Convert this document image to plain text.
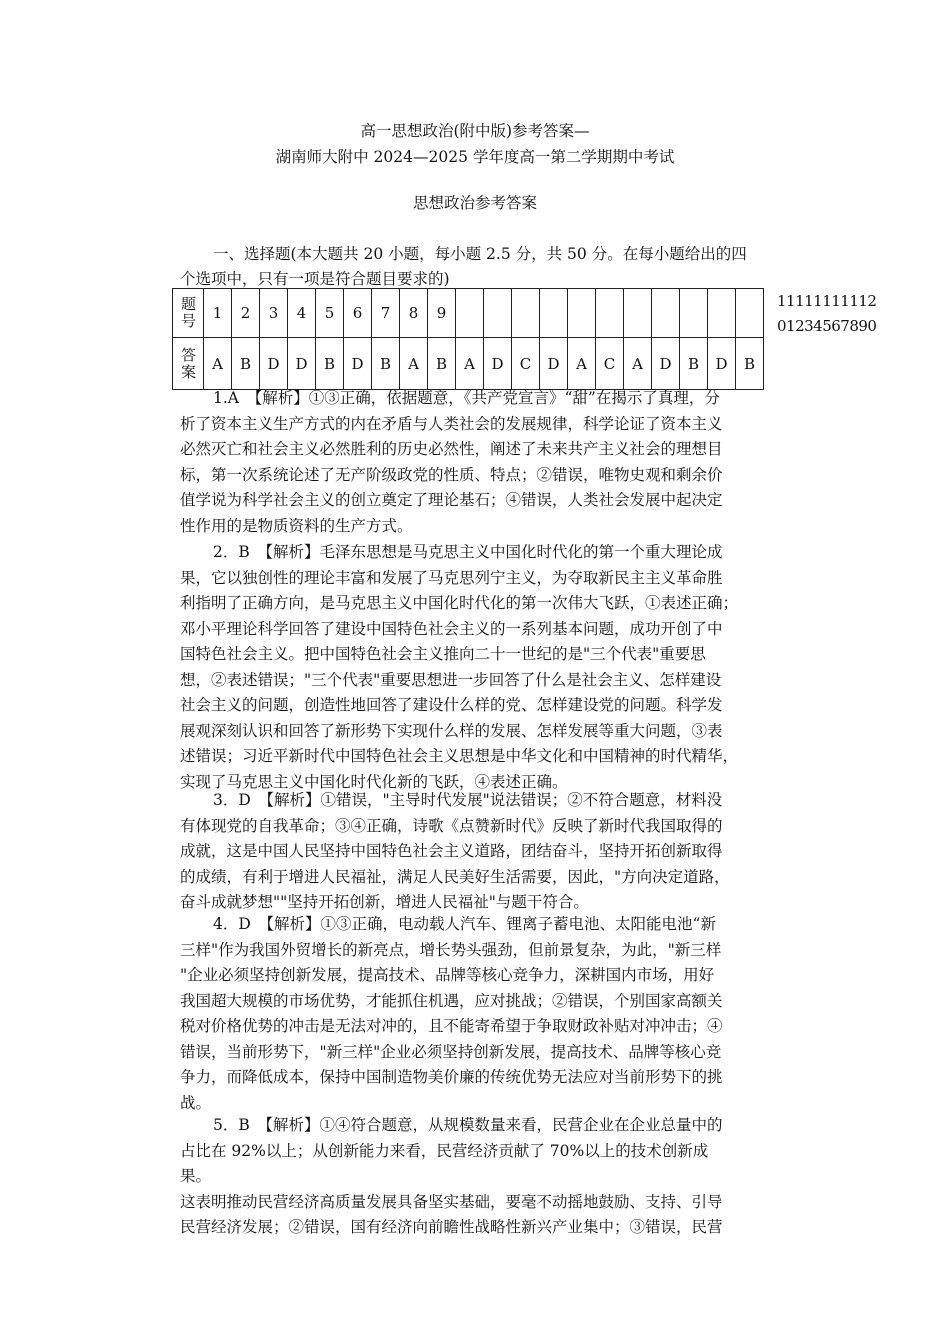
高一思想政治(附中版)参考答案—
湖南师大附中 2024—2025 学年度高一第二学期期中考试
思想政治参考答案
一、选择题(本大题共 20 小题，每小题 2.5 分，共 50 分。在每小题给出的四
个选项中，只有一项是符合题目要求的)
题号	1	2	3	4	5	6	7	8	9											
答案	A	B	D	D	B	D	B	A	B	A	D	C	D	A	C	A	D	B	D	B
11111111112
01234567890
1.A　【解析】①③正确，依据题意，《共产党宣言》“甜”在揭示了真理，分
析了资本主义生产方式的内在矛盾与人类社会的发展规律，科学论证了资本主义
必然灭亡和社会主义必然胜利的历史必然性，阐述了未来共产主义社会的理想目
标，第一次系统论述了无产阶级政党的性质、特点；②错误，唯物史观和剩余价
值学说为科学社会主义的创立奠定了理论基石；④错误，人类社会发展中起决定
性作用的是物质资料的生产方式。
2．B　【解析】毛泽东思想是马克思主义中国化时代化的第一个重大理论成
果，它以独创性的理论丰富和发展了马克思列宁主义，为夺取新民主主义革命胜
利指明了正确方向，是马克思主义中国化时代化的第一次伟大飞跃，①表述正确；
邓小平理论科学回答了建设中国特色社会主义的一系列基本问题，成功开创了中
国特色社会主义。把中国特色社会主义推向二十一世纪的是"三个代表"重要思
想，②表述错误；"三个代表"重要思想进一步回答了什么是社会主义、怎样建设
社会主义的问题，创造性地回答了建设什么样的党、怎样建设党的问题。科学发
展观深刻认识和回答了新形势下实现什么样的发展、怎样发展等重大问题，③表
述错误；习近平新时代中国特色社会主义思想是中华文化和中国精神的时代精华，
实现了马克思主义中国化时代化新的飞跃，④表述正确。
3．D　【解析】①错误，"主导时代发展"说法错误；②不符合题意，材料没
有体现党的自我革命；③④正确，诗歌《点赞新时代》反映了新时代我国取得的
成就，这是中国人民坚持中国特色社会主义道路，团结奋斗，坚持开拓创新取得
的成绩，有利于增进人民福祉，满足人民美好生活需要，因此，"方向决定道路，
奋斗成就梦想""坚持开拓创新，增进人民福祉"与题干符合。
4．D　【解析】①③正确，电动载人汽车、锂离子蓄电池、太阳能电池“新
三样"作为我国外贸增长的新亮点，增长势头强劲，但前景复杂，为此，"新三样
"企业必须坚持创新发展，提高技术、品牌等核心竞争力，深耕国内市场，用好
我国超大规模的市场优势，才能抓住机遇，应对挑战；②错误，个别国家高额关
税对价格优势的冲击是无法对冲的，且不能寄希望于争取财政补贴对冲冲击；④
错误，当前形势下，"新三样"企业必须坚持创新发展，提高技术、品牌等核心竞
争力，而降低成本，保持中国制造物美价廉的传统优势无法应对当前形势下的挑
战。
5．B　【解析】①④符合题意，从规模数量来看，民营企业在企业总量中的
占比在 92%以上；从创新能力来看，民营经济贡献了 70%以上的技术创新成
果。
这表明推动民营经济高质量发展具备坚实基础，要毫不动摇地鼓励、支持、引导
民营经济发展；②错误，国有经济向前瞻性战略性新兴产业集中；③错误，民营
